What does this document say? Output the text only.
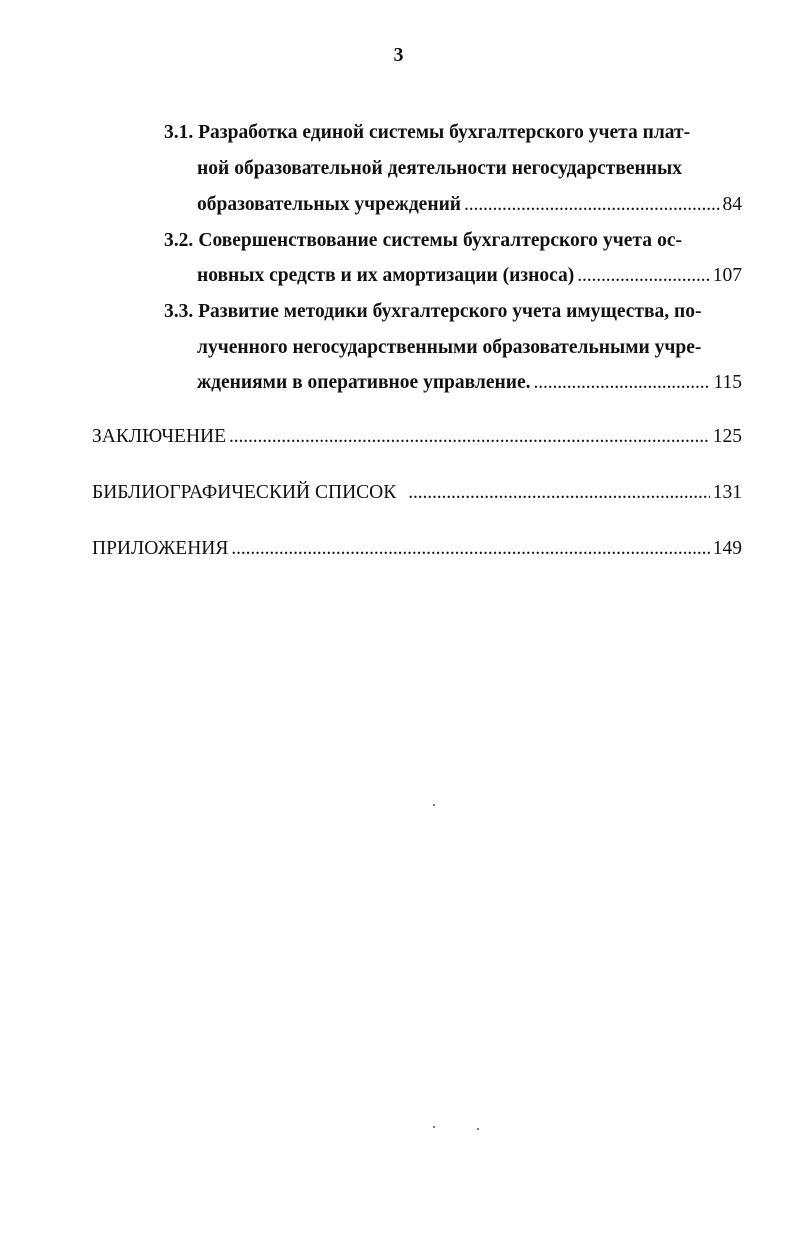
3
3.1. Разработка единой системы бухгалтерского учета плат-
ной образовательной деятельности негосударственных
образовательных учреждений . . .	84
3.2. Совершенствование системы бухгалтерского учета ос-
новных средств и их амортизации (износа) . . .	107
3.3. Развитие методики бухгалтерского учета имущества, по-
лученного негосударственными образовательными учре-
ждениями в оперативное управление. . . .	115
ЗАКЛЮЧЕНИЕ . . .	125
БИБЛИОГРАФИЧЕСКИЙ СПИСОК . . .	131
ПРИЛОЖЕНИЯ . . .	149
